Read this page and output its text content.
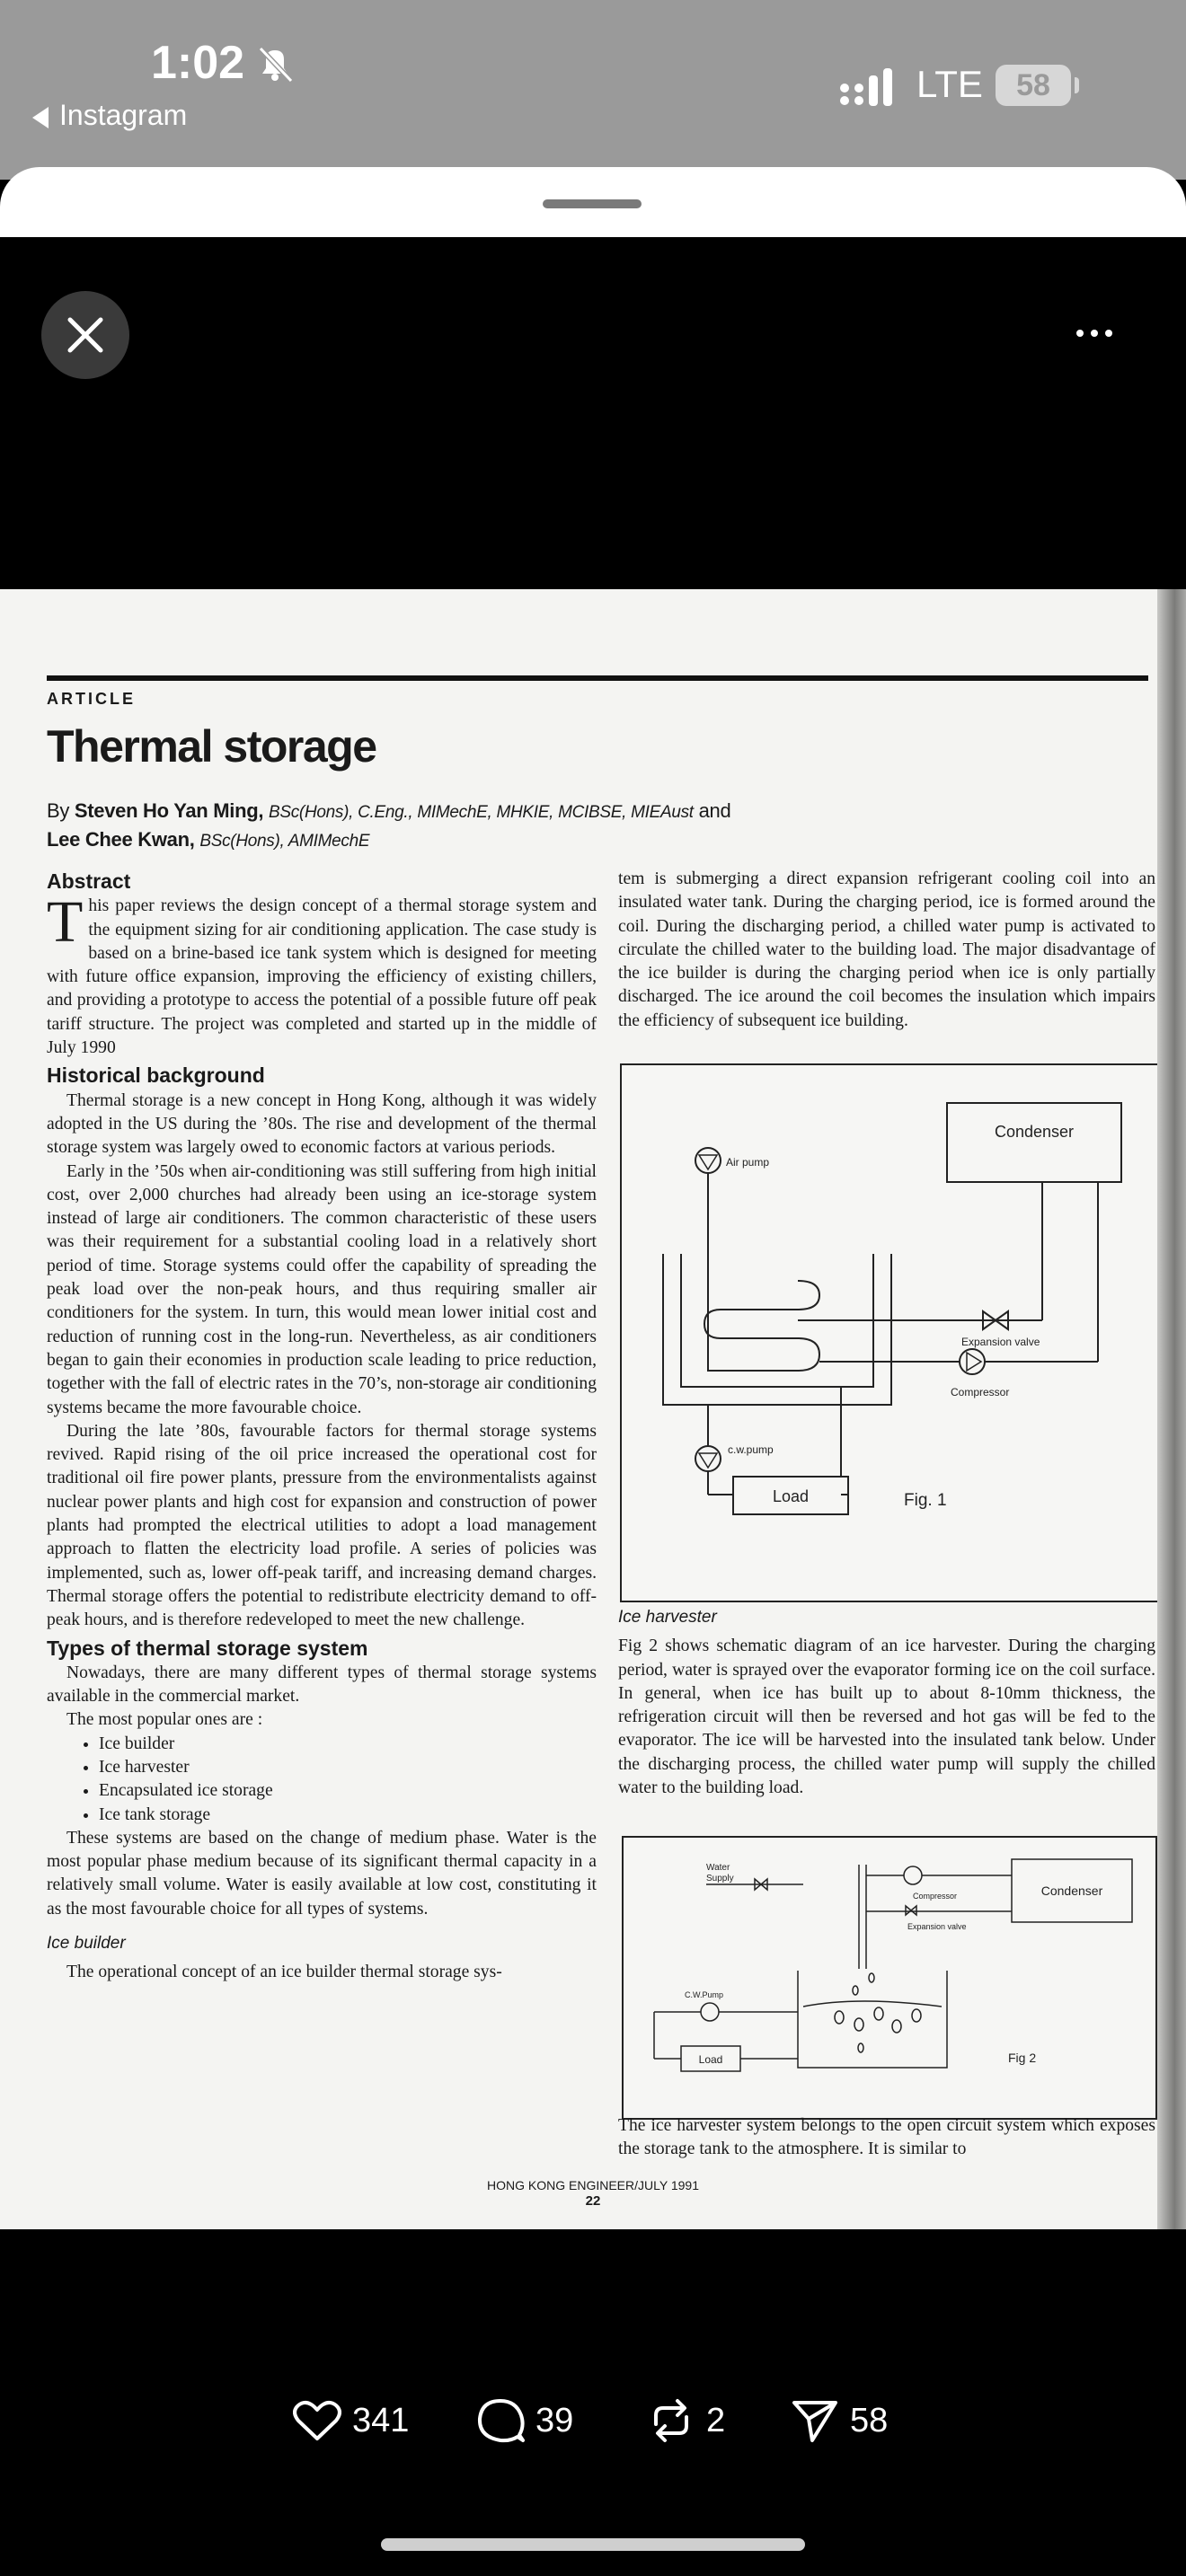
1:02
Instagram
LTE	58
ARTICLE
Thermal storage
By Steven Ho Yan Ming, BSc(Hons), C.Eng., MIMechE, MHKIE, MCIBSE, MIEAust and
Lee Chee Kwan, BSc(Hons), AMIMechE

Abstract

This paper reviews the design concept of a thermal storage system and the equipment sizing for air conditioning application. The case study is based on a brine-based ice tank system which is designed for meeting with future office expansion, improving the efficiency of existing chillers, and providing a prototype to access the potential of a possible future off peak tariff structure. The project was completed and started up in the middle of July 1990

Historical background

Thermal storage is a new concept in Hong Kong, although it was widely adopted in the US during the ’80s. The rise and development of the thermal storage system was largely owed to economic factors at various periods.

Early in the ’50s when air-conditioning was still suffering from high initial cost, over 2,000 churches had already been using an ice-storage system instead of large air conditioners. The common characteristic of these users was their requirement for a substantial cooling load in a relatively short period of time. Storage systems could offer the capability of spreading the peak load over the non-peak hours, and thus requiring smaller air conditioners for the system. In turn, this would mean lower initial cost and reduction of running cost in the long-run. Nevertheless, as air conditioners began to gain their economies in production scale leading to price reduction, together with the fall of electric rates in the 70’s, non-storage air conditioning systems became the more favourable choice.

During the late ’80s, favourable factors for thermal storage systems revived. Rapid rising of the oil price increased the operational cost for traditional oil fire power plants, pressure from the environmentalists against nuclear power plants and high cost for expansion and construction of power plants had prompted the electrical utilities to adopt a load management approach to flatten the electricity load profile. A series of policies was implemented, such as, lower off-peak tariff, and increasing demand charges. Thermal storage offers the potential to redistribute electricity demand to off-peak hours, and is therefore redeveloped to meet the new challenge.

Types of thermal storage system

Nowadays, there are many different types of thermal storage systems available in the commercial market.

The most popular ones are :

• Ice builder
• Ice harvester
• Encapsulated ice storage
• Ice tank storage

These systems are based on the change of medium phase. Water is the most popular phase medium because of its significant thermal capacity in a relatively small volume. Water is easily available at low cost, constituting it as the most favourable choice for all types of systems.

Ice builder

The operational concept of an ice builder thermal storage sys-

tem is submerging a direct expansion refrigerant cooling coil into an insulated water tank. During the charging period, ice is formed around the coil. During the discharging period, a chilled water pump is activated to circulate the chilled water to the building load. The major disadvantage of the ice builder is during the charging period when ice is only partially discharged. The ice around the coil becomes the insulation which impairs the efficiency of subsequent ice building.

Condenser
Air pump
Expansion valve
Compressor
c.w.pump
Load	Fig. 1

Ice harvester

Fig 2 shows schematic diagram of an ice harvester. During the charging period, water is sprayed over the evaporator forming ice on the coil surface. In general, when ice has built up to about 8-10mm thickness, the refrigeration circuit will then be reversed and hot gas will be fed to the evaporator. The ice will be harvested into the insulated tank below. Under the discharging process, the chilled water pump will supply the chilled water to the building load.

Water
Supply
Compressor
Expansion valve
Condenser
C.W.Pump
Load	Fig 2

The ice harvester system belongs to the open circuit system which exposes the storage tank to the atmosphere. It is similar to

HONG KONG ENGINEER/JULY 1991
22
341	39	2	58
